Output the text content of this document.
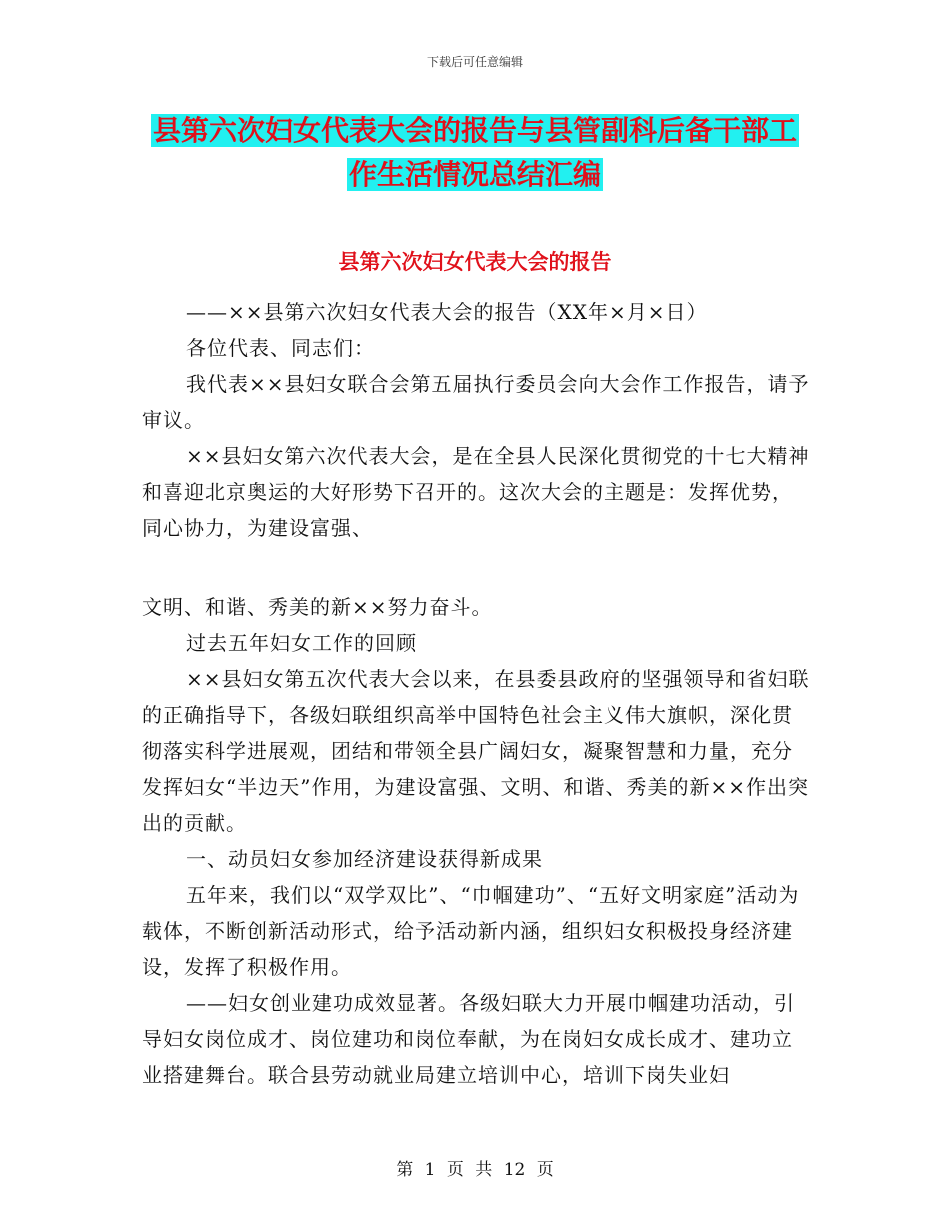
下载后可任意编辑
县第六次妇女代表大会的报告与县管副科后备干部工
作生活情况总结汇编
县第六次妇女代表大会的报告

——××县第六次妇女代表大会的报告（XX年×月×日）

各位代表、同志们：

我代表××县妇女联合会第五届执行委员会向大会作工作报告，请予审议。

××县妇女第六次代表大会，是在全县人民深化贯彻党的十七大精神和喜迎北京奥运的大好形势下召开的。这次大会的主题是：发挥优势，同心协力，为建设富强、

文明、和谐、秀美的新××努力奋斗。

过去五年妇女工作的回顾

××县妇女第五次代表大会以来，在县委县政府的坚强领导和省妇联的正确指导下，各级妇联组织高举中国特色社会主义伟大旗帜，深化贯彻落实科学进展观，团结和带领全县广阔妇女，凝聚智慧和力量，充分发挥妇女“半边天”作用，为建设富强、文明、和谐、秀美的新××作出突出的贡献。

一、动员妇女参加经济建设获得新成果

五年来，我们以“双学双比”、“巾帼建功”、“五好文明家庭”活动为载体，不断创新活动形式，给予活动新内涵，组织妇女积极投身经济建设，发挥了积极作用。

——妇女创业建功成效显著。各级妇联大力开展巾帼建功活动，引导妇女岗位成才、岗位建功和岗位奉献，为在岗妇女成长成才、建功立业搭建舞台。联合县劳动就业局建立培训中心，培训下岗失业妇

第 1 页 共 12 页
